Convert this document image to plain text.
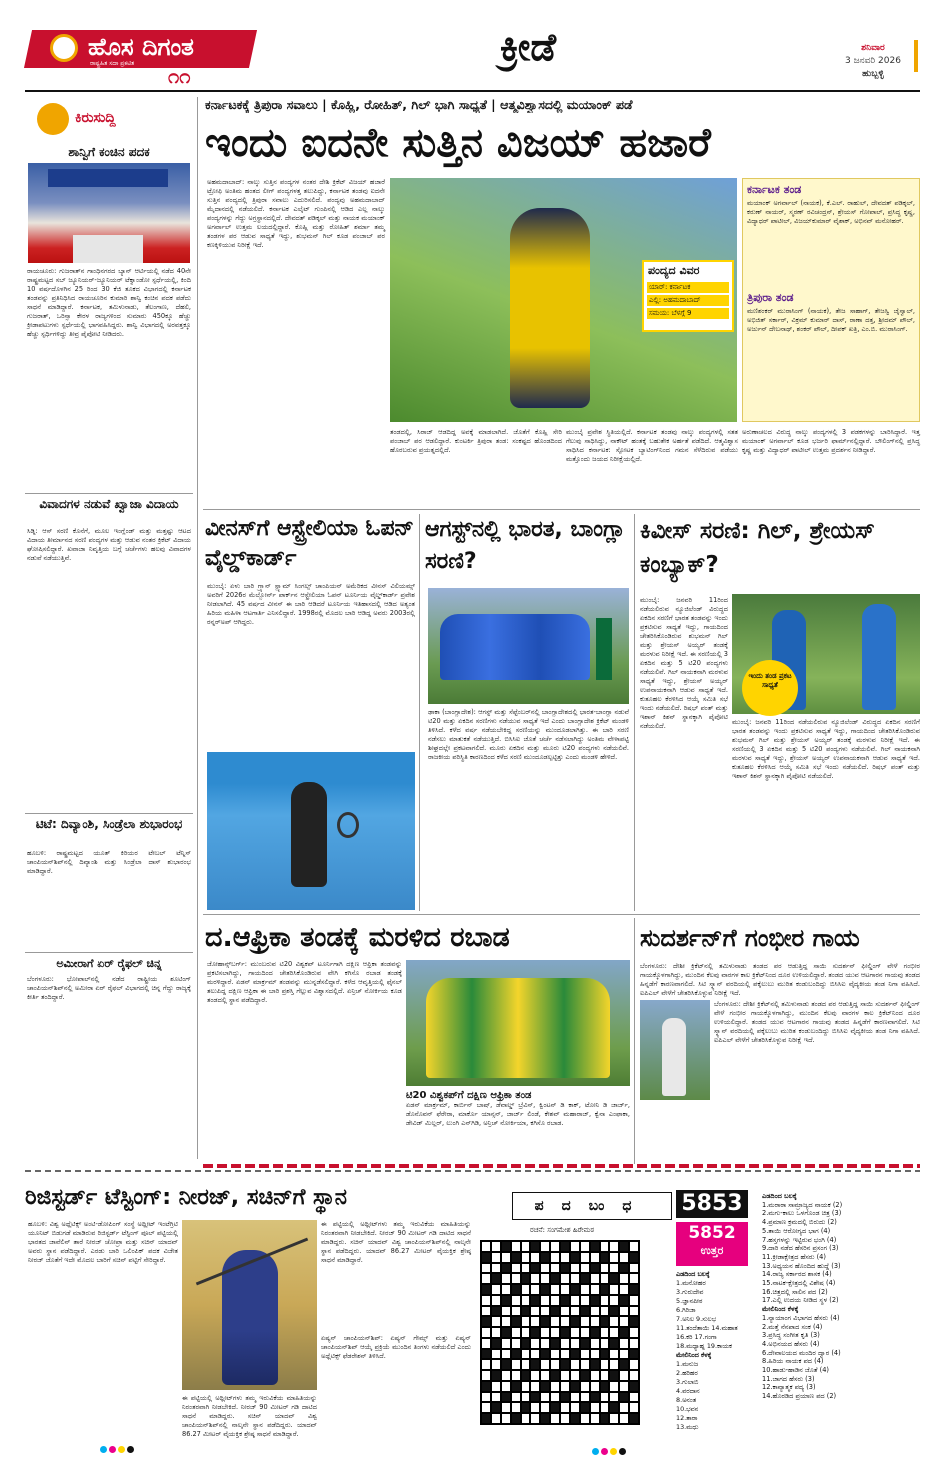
ಹೊಸ ದಿಗಂತ
ರಾಷ್ಟ್ರಹಿತ ಸದಾ ಪ್ರಕಟಿತ
೧೧
ಕ್ರೀಡೆ	ಶನಿವಾರ
3 ಜನವರಿ 2026
ಹುಬ್ಬಳ್ಳಿ
ಕಿರುಸುದ್ದಿ
ಶಾನ್ವಿಗೆ ಕಂಚಿನ ಪದಕ
ರಾಯಚೂರು: ಗುಜರಾತ್‌ನ ಗಾಂಧಿನಗರದ ಬ್ಯಾನ್ ಆರ್ಟಿಯಲ್ಲಿ ನಡೆದ 40ನೇ ರಾಷ್ಟ್ರಮಟ್ಟದ ಸಬ್ ಜ್ಯೂನಿಯರ್-ಜ್ಯೂನಿಯರ್ ಟೆಕ್ವಾಂಡೋ ಸ್ಪರ್ಧೆಯಲ್ಲಿ, ಕಿಂದಿ 10 ವರ್ಷದೊಳಗಿನ 25 ರಿಂದ 30 ಕೆಜಿ ತೂಕದ ವಿಭಾಗದಲ್ಲಿ ಕರ್ನಾಟಕ ತಂಡವನ್ನು ಪ್ರತಿನಿಧಿಸಿದ ರಾಯಚೂರಿನ ಕುಮಾರಿ ಶಾನ್ವಿ ಕಂಚಿನ ಪದಕ ಪಡೆದು ಸಾಧನೆ ಮಾಡಿದ್ದಾರೆ. ಕರ್ನಾಟಕ, ತಮಿಳುನಾಡು, ತೆಲಂಗಾಣ, ದೆಹಲಿ, ಗುಜರಾತ್, ಒರಿಸ್ಸಾ ಕೇರಳ ರಾಜ್ಯಗಳಿಂದ ಸುಮಾರು 450ಕ್ಕೂ ಹೆಚ್ಚು ಕ್ರೀಡಾಪಟುಗಳು ಸ್ಪರ್ಧೆಯಲ್ಲಿ ಭಾಗವಹಿಸಿದ್ದರು. ಶಾನ್ವಿ ವಿಭಾಗದಲ್ಲಿ ಅರವತ್ತಕ್ಕೂ ಹೆಚ್ಚು ಸ್ಪರ್ಧಿಗಳಿದ್ದು ತೀವ್ರ ಪೈಪೋಟಿ ನೀಡಿದರು.
ವಿವಾದಗಳ ನಡುವೆ ಖ್ವಾಜಾ ವಿದಾಯ
ಸಿಡ್ನಿ: ಆಸ್ ಸರಣಿ ಕೊನೆಗೆ, ಮೂಲ ಇಂಗ್ಲೆಂಡ್ ಮತ್ತು ಮತ್ತಷ್ಟು ಆಟದ ವಿದಾಯ ತೀರ್ಮಾನದ ಸರಣಿ ಪಂದ್ಯಗಳ ಮತ್ತು ಆಡುವ ನಂತರ ಕ್ರಿಕೆಟ್ ವಿದಾಯ ಘೋಷಿಸಲಿದ್ದಾರೆ. ಖವಾಜಾ ನಿವೃತ್ತಿಯ ಬಗ್ಗೆ ಚರ್ಚೆಗಳು ಹಲವು ವಿವಾದಗಳ ನಡುವೆ ನಡೆಯುತ್ತಿವೆ.
ಟಿಟೆ: ದಿವ್ಯಾಂಶಿ, ಸಿಂಡ್ರೆಲಾ ಶುಭಾರಂಭ
ಹೂಬಳಿ: ರಾಷ್ಟ್ರಮಟ್ಟದ ಯೂತ್ ಕಿರಿಯರ ಟೇಬಲ್ ಟೆನ್ನಿಸ್ ಚಾಂಪಿಯನ್‌ಶಿಪ್‌ನಲ್ಲಿ ದಿವ್ಯಾಂಶಿ ಮತ್ತು ಸಿಂಡ್ರೆಲಾ ದಾಸ್ ಶುಭಾರಂಭ ಮಾಡಿದ್ದಾರೆ.
ಅಮೀರಾಗೆ ಏರ್ ರೈಫಲ್ ಚಿನ್ನ
ಬೆಂಗಳೂರು: ಭೋಪಾಲ್‌ನಲ್ಲಿ ನಡೆದ ರಾಷ್ಟ್ರೀಯ ಶೂಟಿಂಗ್ ಚಾಂಪಿಯನ್‌ಶಿಪ್‌ನಲ್ಲಿ ಅಮೀರಾ ಏರ್ ರೈಫಲ್ ವಿಭಾಗದಲ್ಲಿ ಚಿನ್ನ ಗೆದ್ದು ರಾಜ್ಯಕ್ಕೆ ಕೀರ್ತಿ ತಂದಿದ್ದಾರೆ.
ಕರ್ನಾಟಕಕ್ಕೆ ತ್ರಿಪುರಾ ಸವಾಲು | ಕೊಹ್ಲಿ, ರೋಹಿತ್, ಗಿಲ್ ಭಾಗಿ ಸಾಧ್ಯತೆ | ಆತ್ಮವಿಶ್ವಾಸದಲ್ಲಿ ಮಯಾಂಕ್ ಪಡೆ
ಇಂದು ಐದನೇ ಸುತ್ತಿನ ವಿಜಯ್ ಹಜಾರೆ
ಅಹಮದಾಬಾದ್: ನಾಲ್ಕು ಸುತ್ತಿನ ಪಂದ್ಯಗಳ ನಂತರ ದೇಶಿ ಕ್ರಿಕೆಟ್ ವಿಜಯ್ ಹಜಾರೆ ಟ್ರೋಫಿ ಅಂತಿಮ ಹಂತದ ಲೀಗ್ ಪಂದ್ಯಗಳತ್ತ ತಲುಪಿದ್ದು, ಕರ್ನಾಟಕ ತಂಡವು ಐದನೇ ಸುತ್ತಿನ ಪಂದ್ಯದಲ್ಲಿ ತ್ರಿಪುರಾ ಸವಾಲು ಎದುರಿಸಲಿದೆ. ಪಂದ್ಯವು ಅಹಮದಾಬಾದ್ ಮೈದಾನದಲ್ಲಿ ನಡೆಯಲಿದೆ. ಕರ್ನಾಟಕ ಎಲೈಟ್ ಗುಂಪಿನಲ್ಲಿ ಆಡಿದ ಎಲ್ಲ ನಾಲ್ಕು ಪಂದ್ಯಗಳನ್ನು ಗೆದ್ದು ಅಗ್ರಸ್ಥಾನದಲ್ಲಿದೆ. ದೇವದತ್ ಪಡಿಕ್ಕಲ್ ಮತ್ತು ನಾಯಕ ಮಯಾಂಕ್ ಅಗರ್ವಾಲ್ ಉತ್ತಮ ಲಯದಲ್ಲಿದ್ದಾರೆ. ಕೊಹ್ಲಿ ಮತ್ತು ರೋಹಿತ್ ಶರ್ಮಾ ತಮ್ಮ ತಂಡಗಳ ಪರ ಆಡುವ ಸಾಧ್ಯತೆ ಇದ್ದು, ಶುಭಮನ್ ಗಿಲ್ ಕೂಡ ಪಂಜಾಬ್ ಪರ ಕಣಕ್ಕಿಳಿಯುವ ನಿರೀಕ್ಷೆ ಇದೆ.
ಪಂದ್ಯದ ವಿವರ
ಯಾರ್: ಕರ್ನಾಟಕ
ಎಲ್ಲಿ: ಅಹಮದಾಬಾದ್
ಸಮಯ: ಬೆಳಗ್ಗೆ 9
ತಂಡದಲ್ಲಿ, ಸಿರಾಜ್ ಆಡದಿದ್ದ ಅವಕ್ಕೆ ಮಾಡಲಾಗಿದೆ. ಜೊತೆಗೆ ಕೊಹ್ಲಿ ಸೇರಿ ಪಂಜಾಬ್ ಪರ ಆಡಲಿದ್ದಾರೆ. ಕುಂಟರ್ಕಿ ತ್ರಿಪುರಾ ತಂಡ: ಸಂಕಷ್ಟದ ಹೊಂಡದಿಂದ ಹೊರಬರುವ ಪ್ರಯತ್ನದಲ್ಲಿದೆ.
ಮುಂಬೈ ಪ್ರವೇಶ ಸ್ಥಿತಿಯಲ್ಲಿದೆ. ಕರ್ನಾಟಕ ತಂಡವು ನಾಲ್ಕು ಪಂದ್ಯಗಳಲ್ಲಿ ಸತತ ಗೆಲುವು ಸಾಧಿಸಿದ್ದು, ನಾಕೌಟ್ ಹಂತಕ್ಕೆ ಬಹುತೇಕ ಅರ್ಹತೆ ಪಡೆದಿದೆ. ಆತ್ಮವಿಶ್ವಾಸ ಸಾಧಿಸಿದ ಕರ್ನಾಟಕ: ಸ್ಪೋಟಕ ಬ್ಯಾಟಿಂಗ್‌ನಿಂದ ಗಮನ ಸೆಳೆದಿರುವ ಪಡೆಯು ಮತ್ತೊಂದು ಜಯದ ನಿರೀಕ್ಷೆಯಲ್ಲಿದೆ.
ಕರ್ನಾಟಕ ತಂಡ
ಮಯಾಂಕ್ ಅಗರ್ವಾಲ್ (ನಾಯಕ), ಕೆ.ಎಲ್. ರಾಹುಲ್, ದೇವದತ್ ಪಡಿಕ್ಕಲ್, ಕರುಣ್ ನಾಯರ್, ಸ್ಮರಣ್ ರವಿಚಂದ್ರನ್, ಶ್ರೇಯಸ್ ಗೋಪಾಲ್, ಪ್ರಸಿದ್ಧ ಕೃಷ್ಣ, ವಿದ್ಯಾಧರ್ ಪಾಟೀಲ್, ವಿಜಯ್‌ಕುಮಾರ್ ವೈಶಾಕ್, ಅಭಿನವ್ ಮನೋಹರ್.
ತ್ರಿಪುರಾ ತಂಡ
ಮಣಿಶಂಕರ್ ಮುರಾಸಿಂಗ್ (ನಾಯಕ), ತೇಜ ಸಾಹಾಗ್, ತೇಜಸ್ವಿ ಜೈಸ್ವಾಲ್, ಅಭಿಜಿತ್ ಸರ್ಕಾರ್, ವಿಕ್ರಮ್ ಕುಮಾರ್ ದಾಸ್, ರಾಣಾ ದತ್ತ, ಶ್ರೀದಮ್ ಪೌಲ್, ಅರ್ಜುನ್ ದೇಬನಾಥ್, ಶಂಕರ್ ಪೌಲ್, ದೀಪಕ್ ಖತ್ರಿ, ಎಂ.ಬಿ. ಮುರಾಸಿಂಗ್.
ಅರುಣಾಚಲದ ವಿರುದ್ಧ ನಾಲ್ಕು ಪಂದ್ಯಗಳಲ್ಲಿ 3 ಪಡಕಗಳನ್ನು ಬಾರಿಸಿದ್ದಾರೆ. ಇತ್ತ ಮಯಾಂಕ್ ಅಗರ್ವಾಲ್ ಕೂಡ ಭರ್ಜರಿ ಫಾರ್ಮ್‌ನಲ್ಲಿದ್ದಾರೆ. ಬೌಲಿಂಗ್‌ನಲ್ಲಿ ಪ್ರಸಿದ್ಧ ಕೃಷ್ಣ ಮತ್ತು ವಿದ್ಯಾಧರ್ ಪಾಟೀಲ್ ಉತ್ತಮ ಪ್ರದರ್ಶನ ನೀಡಿದ್ದಾರೆ.
ವೀನಸ್‌ಗೆ ಆಸ್ಟ್ರೇಲಿಯಾ ಓಪನ್ ವೈಲ್ಡ್‌ಕಾರ್ಡ್
ಮುಂಬೈ: ಏಳು ಬಾರಿ ಗ್ರ್ಯಾನ್ ಸ್ಲ್ಯಾಮ್ ಸಿಂಗಲ್ಸ್ ಚಾಂಪಿಯನ್ ಅಮೆರಿಕದ ವೀನಸ್ ವಿಲಿಯಮ್ಸ್ ಅವರಿಗೆ 2026ರ ಮೆಲ್ಬೋರ್ನ್ ಪಾರ್ಕ್‌ನ ಆಸ್ಟ್ರೇಲಿಯಾ ಓಪನ್ ಟೂರ್ನಿಯ ವೈಲ್ಡ್‌ಕಾರ್ಡ್ ಪ್ರವೇಶ ನೀಡಲಾಗಿದೆ. 45 ವರ್ಷದ ವೀನಸ್ ಈ ಬಾರಿ ಆಡಿದರೆ ಟೂರ್ನಿಯ ಇತಿಹಾಸದಲ್ಲಿ ಆಡಿದ ಅತ್ಯಂತ ಹಿರಿಯ ಮಹಿಳಾ ಆಟಗಾರ್ತಿ ಎನಿಸಲಿದ್ದಾರೆ. 1998ರಲ್ಲಿ ಮೊದಲ ಬಾರಿ ಆಡಿದ್ದ ಅವರು 2003ರಲ್ಲಿ ರನ್ನರ್‌ಅಪ್ ಆಗಿದ್ದರು.
ಆಗಸ್ಟ್‌ನಲ್ಲಿ ಭಾರತ, ಬಾಂಗ್ಲಾ ಸರಣಿ?
ಢಾಕಾ (ಬಾಂಗ್ಲಾದೇಶ): ಆಗಸ್ಟ್ ಮತ್ತು ಸೆಪ್ಟೆಂಬರ್‌ನಲ್ಲಿ ಬಾಂಗ್ಲಾದೇಶದಲ್ಲಿ ಭಾರತ-ಬಾಂಗ್ಲಾ ನಡುವೆ ಟಿ20 ಮತ್ತು ಏಕದಿನ ಸರಣಿಗಳು ನಡೆಯುವ ಸಾಧ್ಯತೆ ಇದೆ ಎಂದು ಬಾಂಗ್ಲಾದೇಶ ಕ್ರಿಕೆಟ್ ಮಂಡಳಿ ತಿಳಿಸಿದೆ. ಕಳೆದ ವರ್ಷ ನಡೆಯಬೇಕಿದ್ದ ಸರಣಿಯನ್ನು ಮುಂದೂಡಲಾಗಿತ್ತು. ಈ ಬಾರಿ ಸರಣಿ ನಡೆಸಲು ಮಾತುಕತೆ ನಡೆಯುತ್ತಿದೆ. ಬಿಸಿಸಿಐ ಜೊತೆ ಚರ್ಚೆ ನಡೆಸಲಾಗಿದ್ದು ಅಂತಿಮ ವೇಳಾಪಟ್ಟಿ ಶೀಘ್ರದಲ್ಲೇ ಪ್ರಕಟವಾಗಲಿದೆ. ಮೂರು ಏಕದಿನ ಮತ್ತು ಮೂರು ಟಿ20 ಪಂದ್ಯಗಳು ನಡೆಯಲಿವೆ. ರಾಜಕೀಯ ಪರಿಸ್ಥಿತಿ ಕಾರಣದಿಂದ ಕಳೆದ ಸರಣಿ ಮುಂದೂಡಲ್ಪಟ್ಟಿತ್ತು ಎಂದು ಮಂಡಳಿ ಹೇಳಿದೆ.
ಕಿವೀಸ್ ಸರಣಿ: ಗಿಲ್, ಶ್ರೇಯಸ್ ಕಂಬ್ಯಾಕ್?
ಮುಂಬೈ: ಜನವರಿ 11ರಿಂದ ನಡೆಯಲಿರುವ ನ್ಯೂಜಿಲೆಂಡ್ ವಿರುದ್ಧದ ಏಕದಿನ ಸರಣಿಗೆ ಭಾರತ ತಂಡವನ್ನು ಇಂದು ಪ್ರಕಟಿಸುವ ಸಾಧ್ಯತೆ ಇದ್ದು, ಗಾಯದಿಂದ ಚೇತರಿಸಿಕೊಂಡಿರುವ ಶುಭಮನ್ ಗಿಲ್ ಮತ್ತು ಶ್ರೇಯಸ್ ಅಯ್ಯರ್ ತಂಡಕ್ಕೆ ಮರಳುವ ನಿರೀಕ್ಷೆ ಇದೆ. ಈ ಸರಣಿಯಲ್ಲಿ 3 ಏಕದಿನ ಮತ್ತು 5 ಟಿ20 ಪಂದ್ಯಗಳು ನಡೆಯಲಿವೆ. ಗಿಲ್ ನಾಯಕನಾಗಿ ಮರಳುವ ಸಾಧ್ಯತೆ ಇದ್ದು, ಶ್ರೇಯಸ್ ಅಯ್ಯರ್ ಉಪನಾಯಕನಾಗಿ ಆಡುವ ಸಾಧ್ಯತೆ ಇದೆ. ಕುತೂಹಲ ಕೆರಳಿಸಿದ ಆಯ್ಕೆ ಸಮಿತಿ ಸಭೆ ಇಂದು ನಡೆಯಲಿದೆ. ರಿಷಭ್ ಪಂತ್ ಮತ್ತು ಇಶಾನ್ ಕಿಶನ್ ಸ್ಥಾನಕ್ಕಾಗಿ ಪೈಪೋಟಿ ನಡೆಯಲಿದೆ.
ಇಂದು ತಂಡ ಪ್ರಕಟ ಸಾಧ್ಯತೆ
ಮುಂಬೈ: ಜನವರಿ 11ರಿಂದ ನಡೆಯಲಿರುವ ನ್ಯೂಜಿಲೆಂಡ್ ವಿರುದ್ಧದ ಏಕದಿನ ಸರಣಿಗೆ ಭಾರತ ತಂಡವನ್ನು ಇಂದು ಪ್ರಕಟಿಸುವ ಸಾಧ್ಯತೆ ಇದ್ದು, ಗಾಯದಿಂದ ಚೇತರಿಸಿಕೊಂಡಿರುವ ಶುಭಮನ್ ಗಿಲ್ ಮತ್ತು ಶ್ರೇಯಸ್ ಅಯ್ಯರ್ ತಂಡಕ್ಕೆ ಮರಳುವ ನಿರೀಕ್ಷೆ ಇದೆ. ಈ ಸರಣಿಯಲ್ಲಿ 3 ಏಕದಿನ ಮತ್ತು 5 ಟಿ20 ಪಂದ್ಯಗಳು ನಡೆಯಲಿವೆ. ಗಿಲ್ ನಾಯಕನಾಗಿ ಮರಳುವ ಸಾಧ್ಯತೆ ಇದ್ದು, ಶ್ರೇಯಸ್ ಅಯ್ಯರ್ ಉಪನಾಯಕನಾಗಿ ಆಡುವ ಸಾಧ್ಯತೆ ಇದೆ. ಕುತೂಹಲ ಕೆರಳಿಸಿದ ಆಯ್ಕೆ ಸಮಿತಿ ಸಭೆ ಇಂದು ನಡೆಯಲಿದೆ. ರಿಷಭ್ ಪಂತ್ ಮತ್ತು ಇಶಾನ್ ಕಿಶನ್ ಸ್ಥಾನಕ್ಕಾಗಿ ಪೈಪೋಟಿ ನಡೆಯಲಿದೆ.
ದ.ಆಫ್ರಿಕಾ ತಂಡಕ್ಕೆ ಮರಳಿದ ರಬಾಡ
ಜೋಹಾನ್ಸ್‌ಬರ್ಗ್: ಮುಂಬರುವ ಟಿ20 ವಿಶ್ವಕಪ್ ಟೂರ್ನಿಗಾಗಿ ದಕ್ಷಿಣ ಆಫ್ರಿಕಾ ತಂಡವನ್ನು ಪ್ರಕಟಿಸಲಾಗಿದ್ದು, ಗಾಯದಿಂದ ಚೇತರಿಸಿಕೊಂಡಿರುವ ವೇಗಿ ಕಗಿಸೊ ರಬಾಡ ತಂಡಕ್ಕೆ ಮರಳಿದ್ದಾರೆ. ಏಡನ್ ಮಾರ್ಕ್ರಮ್ ತಂಡವನ್ನು ಮುನ್ನಡೆಸಲಿದ್ದಾರೆ. ಕಳೆದ ಆವೃತ್ತಿಯಲ್ಲಿ ಫೈನಲ್ ತಲುಪಿದ್ದ ದಕ್ಷಿಣ ಆಫ್ರಿಕಾ ಈ ಬಾರಿ ಪ್ರಶಸ್ತಿ ಗೆಲ್ಲುವ ವಿಶ್ವಾಸದಲ್ಲಿದೆ. ಏನ್ರಿಚ್ ನೋರ್ಕಿಯ ಕೂಡ ತಂಡದಲ್ಲಿ ಸ್ಥಾನ ಪಡೆದಿದ್ದಾರೆ.
ಟಿ20 ವಿಶ್ವಕಪ್‌ಗೆ ದಕ್ಷಿಣ ಆಫ್ರಿಕಾ ತಂಡ
ಏಡನ್ ಮಾರ್ಕ್ರಮ್, ಕಾರ್ಬಿನ್ ಬಾಷ್, ಡೆವಾಲ್ಡ್ ಬ್ರೆವಿಸ್, ಕ್ವಿಂಟನ್ ಡಿ ಕಾಕ್, ಟೋನಿ ಡಿ ಜಾರ್ಜ್, ಡೊನೊವನ್ ಫೆರೇರಾ, ಮಾರ್ಕೊ ಯಾನ್ಸನ್, ಜಾರ್ಜ್ ಲಿಂಡೆ, ಕೇಶವ್ ಮಹಾರಾಜ್, ಕ್ವೆನಾ ಎಂಫಾಕಾ, ಡೇವಿಡ್ ಮಿಲ್ಲರ್, ಲುಂಗಿ ಎನ್‌ಗಿಡಿ, ಅನ್ರಿಚ್ ನೋರ್ಕಿಯಾ, ಕಗಿಸೊ ರಬಾಡ.
ಸುದರ್ಶನ್‌ಗೆ ಗಂಭೀರ ಗಾಯ
ಬೆಂಗಳೂರು: ದೇಶೀ ಕ್ರಿಕೆಟ್‌ನಲ್ಲಿ ತಮಿಳುನಾಡು ತಂಡದ ಪರ ಆಡುತ್ತಿದ್ದ ಸಾಯಿ ಸುದರ್ಶನ್ ಫೀಲ್ಡಿಂಗ್ ವೇಳೆ ಗಂಭೀರ ಗಾಯಕ್ಕೊಳಗಾಗಿದ್ದು, ಮುಂದಿನ ಕೆಲವು ವಾರಗಳ ಕಾಲ ಕ್ರಿಕೆಟ್‌ನಿಂದ ದೂರ ಉಳಿಯಲಿದ್ದಾರೆ. ತಂಡದ ಯುವ ಆಟಗಾರನ ಗಾಯವು ತಂಡದ ಹಿನ್ನಡೆಗೆ ಕಾರಣವಾಗಲಿದೆ. ಸಿಟಿ ಸ್ಕ್ಯಾನ್ ವರದಿಯಲ್ಲಿ ಪಕ್ಕೆಲುಬು ಮುರಿತ ಕಂಡುಬಂದಿದ್ದು ಬಿಸಿಸಿಐ ವೈದ್ಯಕೀಯ ತಂಡ ನಿಗಾ ವಹಿಸಿದೆ. ಐಪಿಎಲ್ ವೇಳೆಗೆ ಚೇತರಿಸಿಕೊಳ್ಳುವ ನಿರೀಕ್ಷೆ ಇದೆ.
ಬೆಂಗಳೂರು: ದೇಶೀ ಕ್ರಿಕೆಟ್‌ನಲ್ಲಿ ತಮಿಳುನಾಡು ತಂಡದ ಪರ ಆಡುತ್ತಿದ್ದ ಸಾಯಿ ಸುದರ್ಶನ್ ಫೀಲ್ಡಿಂಗ್ ವೇಳೆ ಗಂಭೀರ ಗಾಯಕ್ಕೊಳಗಾಗಿದ್ದು, ಮುಂದಿನ ಕೆಲವು ವಾರಗಳ ಕಾಲ ಕ್ರಿಕೆಟ್‌ನಿಂದ ದೂರ ಉಳಿಯಲಿದ್ದಾರೆ. ತಂಡದ ಯುವ ಆಟಗಾರನ ಗಾಯವು ತಂಡದ ಹಿನ್ನಡೆಗೆ ಕಾರಣವಾಗಲಿದೆ. ಸಿಟಿ ಸ್ಕ್ಯಾನ್ ವರದಿಯಲ್ಲಿ ಪಕ್ಕೆಲುಬು ಮುರಿತ ಕಂಡುಬಂದಿದ್ದು ಬಿಸಿಸಿಐ ವೈದ್ಯಕೀಯ ತಂಡ ನಿಗಾ ವಹಿಸಿದೆ. ಐಪಿಎಲ್ ವೇಳೆಗೆ ಚೇತರಿಸಿಕೊಳ್ಳುವ ನಿರೀಕ್ಷೆ ಇದೆ.
ರಿಜಿಸ್ಟರ್ಡ್ ಟೆಸ್ಟಿಂಗ್: ನೀರಜ್, ಸಚಿನ್‌ಗೆ ಸ್ಥಾನ
ಹೂಬಳಿ: ವಿಶ್ವ ಅಥ್ಲೆಟಿಕ್ಸ್ ಅಂಟಿ-ಡೋಪಿಂಗ್ ಸಂಸ್ಥೆ ಅಥ್ಲೀಟ್ ಇಂಟೆಗ್ರಿಟಿ ಯೂನಿಟ್ ಬಿಡುಗಡೆ ಮಾಡಿರುವ ರಿಜಿಸ್ಟರ್ಡ್ ಟೆಸ್ಟಿಂಗ್ ಪೂಲ್ ಪಟ್ಟಿಯಲ್ಲಿ ಭಾರತದ ಜಾವೆಲಿನ್ ತಾರೆ ನೀರಜ್ ಚೋಪ್ರಾ ಮತ್ತು ಸಚಿನ್ ಯಾದವ್ ಅವರು ಸ್ಥಾನ ಪಡೆದಿದ್ದಾರೆ. ಎರಡು ಬಾರಿ ಒಲಿಂಪಿಕ್ ಪದಕ ವಿಜೇತ ನೀರಜ್ ಜೊತೆಗೆ ಇದೇ ಮೊದಲ ಬಾರಿಗೆ ಸಚಿನ್ ಪಟ್ಟಿಗೆ ಸೇರಿದ್ದಾರೆ.
ಈ ಪಟ್ಟಿಯಲ್ಲಿ ಅಥ್ಲೀಟ್‌ಗಳು ತಮ್ಮ ಇರುವಿಕೆಯ ಮಾಹಿತಿಯನ್ನು ನಿರಂತರವಾಗಿ ನೀಡಬೇಕಿದೆ. ನೀರಜ್ 90 ಮೀಟರ್ ಗಡಿ ದಾಟಿದ ಸಾಧನೆ ಮಾಡಿದ್ದರು. ಸಚಿನ್ ಯಾದವ್ ವಿಶ್ವ ಚಾಂಪಿಯನ್‌ಶಿಪ್‌ನಲ್ಲಿ ನಾಲ್ಕನೇ ಸ್ಥಾನ ಪಡೆದಿದ್ದರು. ಯಾದವ್ 86.27 ಮೀಟರ್ ವೈಯಕ್ತಿಕ ಶ್ರೇಷ್ಠ ಸಾಧನೆ ಮಾಡಿದ್ದಾರೆ.
ಈ ಪಟ್ಟಿಯಲ್ಲಿ ಅಥ್ಲೀಟ್‌ಗಳು ತಮ್ಮ ಇರುವಿಕೆಯ ಮಾಹಿತಿಯನ್ನು ನಿರಂತರವಾಗಿ ನೀಡಬೇಕಿದೆ. ನೀರಜ್ 90 ಮೀಟರ್ ಗಡಿ ದಾಟಿದ ಸಾಧನೆ ಮಾಡಿದ್ದರು. ಸಚಿನ್ ಯಾದವ್ ವಿಶ್ವ ಚಾಂಪಿಯನ್‌ಶಿಪ್‌ನಲ್ಲಿ ನಾಲ್ಕನೇ ಸ್ಥಾನ ಪಡೆದಿದ್ದರು. ಯಾದವ್ 86.27 ಮೀಟರ್ ವೈಯಕ್ತಿಕ ಶ್ರೇಷ್ಠ ಸಾಧನೆ ಮಾಡಿದ್ದಾರೆ.
ಏಷ್ಯನ್ ಚಾಂಪಿಯನ್‌ಶಿಪ್‌: ಏಷ್ಯನ್ ಗೇಮ್ಸ್ ಮತ್ತು ಏಷ್ಯನ್ ಚಾಂಪಿಯನ್‌ಶಿಪ್ ಆಯ್ಕೆ ಪ್ರಕ್ರಿಯೆ ಮುಂದಿನ ತಿಂಗಳು ನಡೆಯಲಿದೆ ಎಂದು ಅಥ್ಲೆಟಿಕ್ಸ್ ಫೆಡರೇಶನ್ ತಿಳಿಸಿದೆ.
ಪದಬಂಧ 5853
5852
ಉತ್ತರ
ರಚನೆ: ಸಂಗಮೇಶ ಹಿರೇಮಠ
ಎಡದಿಂದ ಬಲಕ್ಕೆ
1.ಮನೋಹರ
3.ಗುರುದೇವ
5.ಜ್ಞಾನಪೀಠ
6.ಗಿರಿಜಾ
7.ಅನಿಲ 9.ಸುಲಭ
11.ತಂದೆತಾಯಿ 14.ಮಹಾತ
16.ಕರಿ 17.ಗಂಗಾ
18.ಮಧ್ಯಾಹ್ನ 19.ಕಾಯಕ
ಮೇಲಿನಿಂದ ಕೆಳಕ್ಕೆ
1.ಮನುಜ
2.ಹರಿಹರ
3.ಗುಲಾಬಿ
4.ವರದಾನ
8.ಅನಂತ
10.ಭವನ
12.ತಾರಾ
13.ಮಧು
ಎಡದಿಂದ ಬಲಕ್ಕೆ
1.ಮರಾಠಾ ಸಾಮ್ರಾಜ್ಯದ ನಾಯಕ (2)
2.ಮಗು-ಕಾಲು ಒಳಗೊಂಡ ಚಿತ್ರ (3)
4.ಪ್ರಮಾಣ ಕ್ರಮದಲ್ಲಿ ಬಿರುದು (2)
5.ತಾಯಿ ಆರೋಗ್ಯದ ಭಾಗ (4)
7.ಹಸ್ತಗಳನ್ನು ಇಟ್ಟಿರುವ ಭಂಗಿ (4)
9.ದಾರಿ ನಡೆದ ಹೆಸರಿನ ಪ್ರಸಂಗ (3)
11.ಕ್ರೀಡಾಕ್ಷೇತ್ರದ ಹೆಸರು (4)
13.ಅಧ್ಯಯನ ಹೊಂದಿದ ಹುದ್ದೆ (3)
14.ರಾಜ್ಯ ಸರ್ಕಾರದ ಶಾಸಕ (4)
15.ನಾಟಕ-ಕ್ಷೇತ್ರದಲ್ಲಿ ವಿಶೇಷ (4)
16.ಚಿತ್ರದಲ್ಲಿ ಸಾಲಿನ ಪದ (2)
17.ಎಲ್ಲಿ ಉದಯ ನೀಡಿದ ಸ್ಥಳ (2)
ಮೇಲಿನಿಂದ ಕೆಳಕ್ಕೆ
1.ನ್ಯಾಯಾಂಗ ವಿಭಾಗದ ಹೆಸರು (4)
2.ಮತ್ತೆ ನೆನಪಾದ ಸಂಕ (4)
3.ಪ್ರಸಿದ್ಧ ಸಂಗೀತ ಕೃತಿ (3)
4.ಅಭಿನಯದ ಹೆಸರು (4)
6.ದೇವಾಲಯದ ಮಂದಿರ ದ್ವಾರ (4)
8.ಹಿರಿಯ ನಾಯಕ ಪದ (4)
10.ಹಾಡು-ಹಾಡಿನ ಜೊತೆ (4)
11.ಜಾಗದ ಹೆಸರು (3)
12.ಕಾವ್ಯಾತ್ಮಕ ಪದ್ಯ (3)
14.ಹೊರಡಿದ ಪ್ರಯಾಣ ಪದ (2)
